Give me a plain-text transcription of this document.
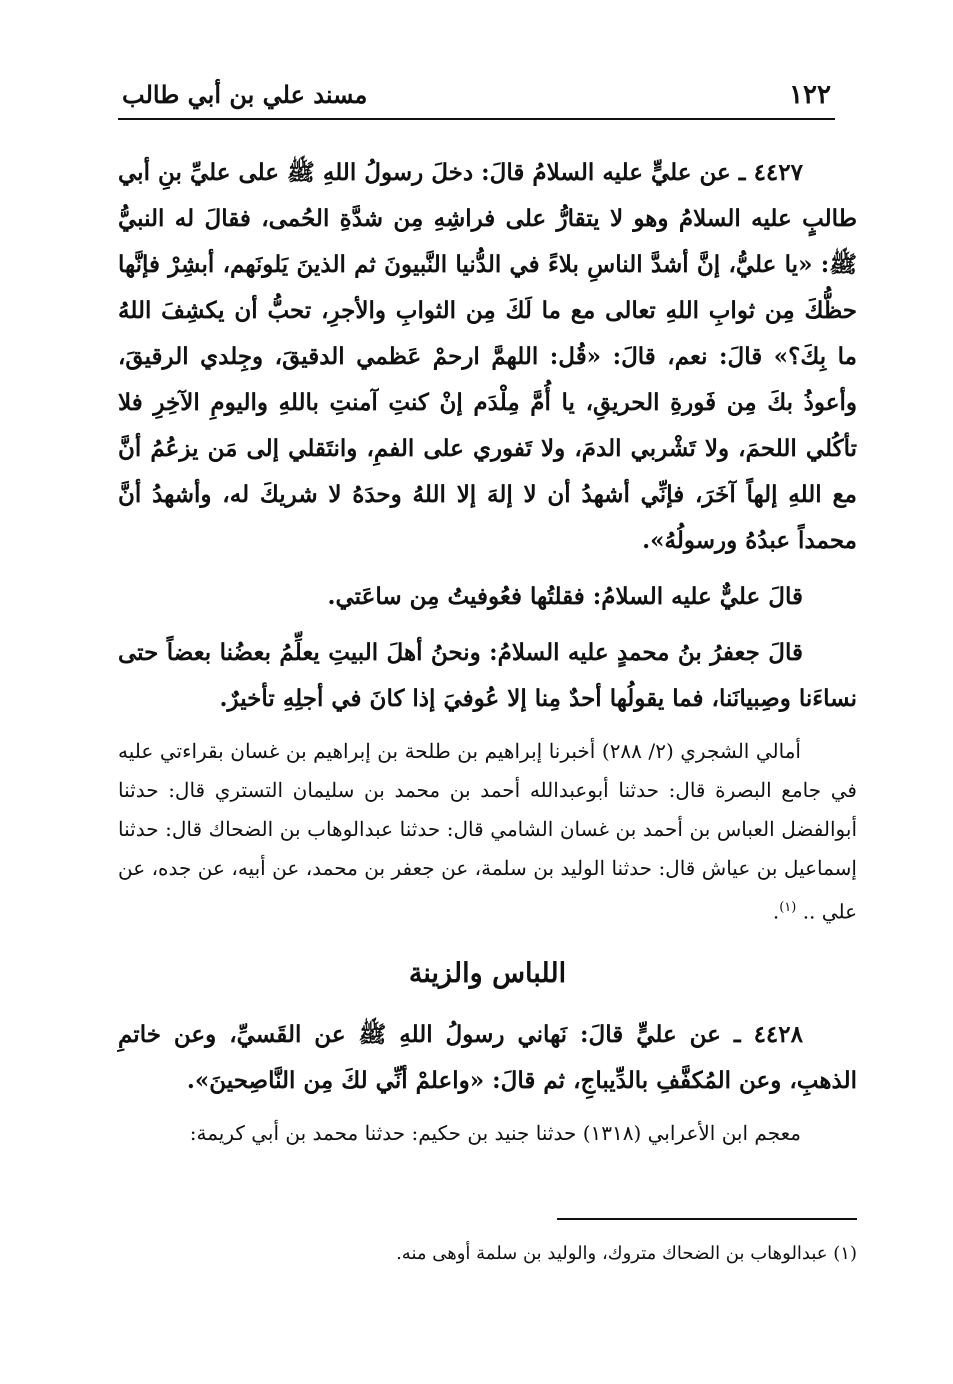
١٢٢
مسند علي بن أبي طالب

٤٤٢٧ ـ عن عليٍّ عليه السلامُ قالَ: دخلَ رسولُ اللهِ ﷺ على عليِّ بنِ أبي طالبٍ عليه السلامُ وهو لا يتقارُّ على فراشِهِ مِن شدَّةِ الحُمى، فقالَ له النبيُّ ﷺ: «يا عليُّ، إنَّ أشدَّ الناسِ بلاءً في الدُّنيا النَّبيونَ ثم الذينَ يَلونَهم، أبشِرْ فإنَّها حظُّكَ مِن ثوابِ اللهِ تعالى مع ما لَكَ مِن الثوابِ والأجرِ، تحبُّ أن يكشِفَ اللهُ ما بِكَ؟» قالَ: نعم، قالَ: «قُل: اللهمَّ ارحمْ عَظمي الدقيقَ، وجِلدي الرقيقَ، وأعوذُ بكَ مِن فَورةِ الحريقِ، يا أُمَّ مِلْدَم إنْ كنتِ آمنتِ باللهِ واليومِ الآخِرِ فلا تأكُلي اللحمَ، ولا تَشْربي الدمَ، ولا تَفوري على الفمِ، وانتَقلي إلى مَن يزعُمُ أنَّ مع اللهِ إلهاً آخَرَ، فإنِّي أشهدُ أن لا إلهَ إلا اللهُ وحدَهُ لا شريكَ له، وأشهدُ أنَّ محمداً عبدُهُ ورسولُهُ».

قالَ عليٌّ عليه السلامُ: فقلتُها فعُوفيتُ مِن ساعَتي.

قالَ جعفرُ بنُ محمدٍ عليه السلامُ: ونحنُ أهلَ البيتِ يعلِّمُ بعضُنا بعضاً حتى نساءَنا وصِبيانَنا، فما يقولُها أحدٌ مِنا إلا عُوفيَ إذا كانَ في أجلِهِ تأخيرٌ.

أمالي الشجري (٢/ ٢٨٨) أخبرنا إبراهيم بن طلحة بن إبراهيم بن غسان بقراءتي عليه في جامع البصرة قال: حدثنا أبوعبدالله أحمد بن محمد بن سليمان التستري قال: حدثنا أبوالفضل العباس بن أحمد بن غسان الشامي قال: حدثنا عبدالوهاب بن الضحاك قال: حدثنا إسماعيل بن عياش قال: حدثنا الوليد بن سلمة، عن جعفر بن محمد، عن أبيه، عن جده، عن علي .. $^{(١)}$.

اللباس والزينة

٤٤٢٨ ـ عن عليٍّ قالَ: نَهاني رسولُ اللهِ ﷺ عن القَسيِّ، وعن خاتمِ الذهبِ، وعن المُكفَّفِ بالدِّيباجِ، ثم قالَ: «واعلمْ أنِّي لكَ مِن النَّاصِحينَ».

معجم ابن الأعرابي (١٣١٨) حدثنا جنيد بن حكيم: حدثنا محمد بن أبي كريمة:

(١) عبدالوهاب بن الضحاك متروك، والوليد بن سلمة أوهى منه.
